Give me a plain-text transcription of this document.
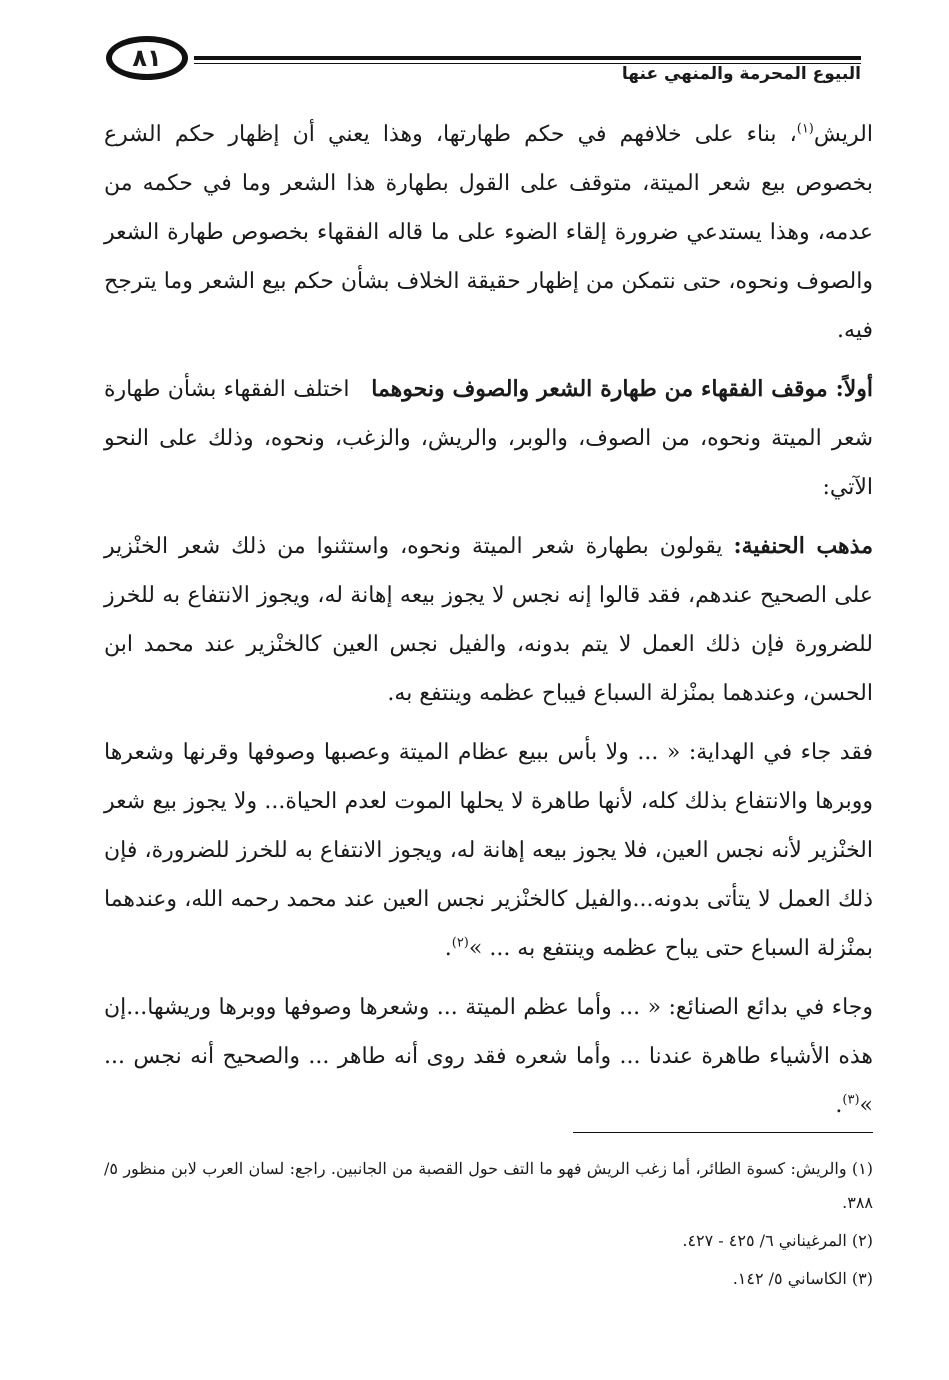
٨١
البيوع المحرمة والمنهي عنها

الريش$^{(١)}$، بناء على خلافهم في حكم طهارتها، وهذا يعني أن إظهار حكم الشرع بخصوص بيع شعر الميتة، متوقف على القول بطهارة هذا الشعر وما في حكمه من عدمه، وهذا يستدعي ضرورة إلقاء الضوء على ما قاله الفقهاء بخصوص طهارة الشعر والصوف ونحوه، حتى نتمكن من إظهار حقيقة الخلاف بشأن حكم بيع الشعر وما يترجح فيه.

أولاً: موقف الفقهاء من طهارة الشعر والصوف ونحوهما   اختلف الفقهاء بشأن طهارة شعر الميتة ونحوه، من الصوف، والوبر، والريش، والزغب، ونحوه، وذلك على النحو الآتي:

مذهب الحنفية: يقولون بطهارة شعر الميتة ونحوه، واستثنوا من ذلك شعر الخنْزير على الصحيح عندهم، فقد قالوا إنه نجس لا يجوز بيعه إهانة له، ويجوز الانتفاع به للخرز للضرورة فإن ذلك العمل لا يتم بدونه، والفيل نجس العين كالخنْزير عند محمد ابن الحسن، وعندهما بمنْزلة السباع فيباح عظمه وينتفع به.

فقد جاء في الهداية: « ... ولا بأس ببيع عظام الميتة وعصبها وصوفها وقرنها وشعرها ووبرها والانتفاع بذلك كله، لأنها طاهرة لا يحلها الموت لعدم الحياة... ولا يجوز بيع شعر الخنْزير لأنه نجس العين، فلا يجوز بيعه إهانة له، ويجوز الانتفاع به للخرز للضرورة، فإن ذلك العمل لا يتأتى بدونه...والفيل كالخنْزير نجس العين عند محمد رحمه الله، وعندهما بمنْزلة السباع حتى يباح عظمه وينتفع به ... »$^{(٢)}$.

وجاء في بدائع الصنائع: « ... وأما عظم الميتة ... وشعرها وصوفها ووبرها وريشها...إن هذه الأشياء طاهرة عندنا ... وأما شعره فقد روى أنه طاهر ... والصحيح أنه نجس ... »$^{(٣)}$.

(١) والريش: كسوة الطائر، أما زغب الريش فهو ما التف حول القصبة من الجانبين. راجع: لسان العرب لابن منظور ٥/ ٣٨٨.

(٢) المرغيناني ٦/ ٤٢٥ - ٤٢٧.

(٣) الكاساني ٥/ ١٤٢.
